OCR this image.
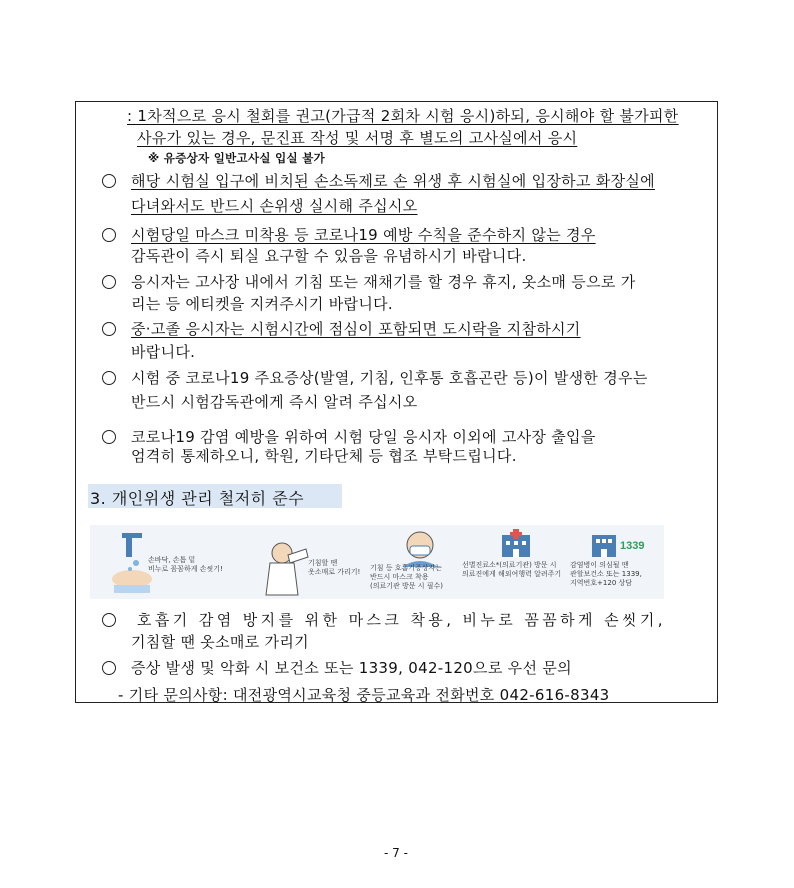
: 1차적으로 응시 철회를 권고(가급적 2회차 시험 응시)하되, 응시해야 할 불가피한
사유가 있는 경우, 문진표 작성 및 서명 후 별도의 고사실에서 응시
※ 유증상자 일반고사실 입실 불가
해당 시험실 입구에 비치된 손소독제로 손 위생 후 시험실에 입장하고 화장실에
다녀와서도 반드시 손위생 실시해 주십시오
시험당일 마스크 미착용 등 코로나19 예방 수칙을 준수하지 않는 경우
감독관이 즉시 퇴실 요구할 수 있음을 유념하시기 바랍니다.
응시자는 고사장 내에서 기침 또는 재채기를 할 경우 휴지, 옷소매 등으로 가
리는 등 에티켓을 지켜주시기 바랍니다.
중·고졸 응시자는 시험시간에 점심이 포함되면 도시락을 지참하시기
바랍니다.
시험 중 코로나19 주요증상(발열, 기침, 인후통 호흡곤란 등)이 발생한 경우는
반드시 시험감독관에게 즉시 알려 주십시오
코로나19 감염 예방을 위하여 시험 당일 응시자 이외에 고사장 출입을
엄격히 통제하오니, 학원, 기타단체 등 협조 부탁드립니다.
3. 개인위생 관리 철저히 준수
손바닥, 손톱 밑
비누로 꼼꼼하게 손씻기!
기침할 땐
옷소매로 가리기! 기침 등 호흡기증상자는
반드시 마스크 착용
(의료기관 방문 시 필수)
선별진료소*(의료기관) 방문 시
의료진에게 해외여행력 알려주기
1339
감염병이 의심될 땐
관할보건소 또는 1339,
지역번호+120 상담
호흡기 감염 방지를 위한 마스크 착용, 비누로 꼼꼼하게 손씻기,
기침할 땐 옷소매로 가리기
증상 발생 및 악화 시 보건소 또는 1339, 042-120으로 우선 문의
- 기타 문의사항: 대전광역시교육청 중등교육과 전화번호 042-616-8343
- 7 -
